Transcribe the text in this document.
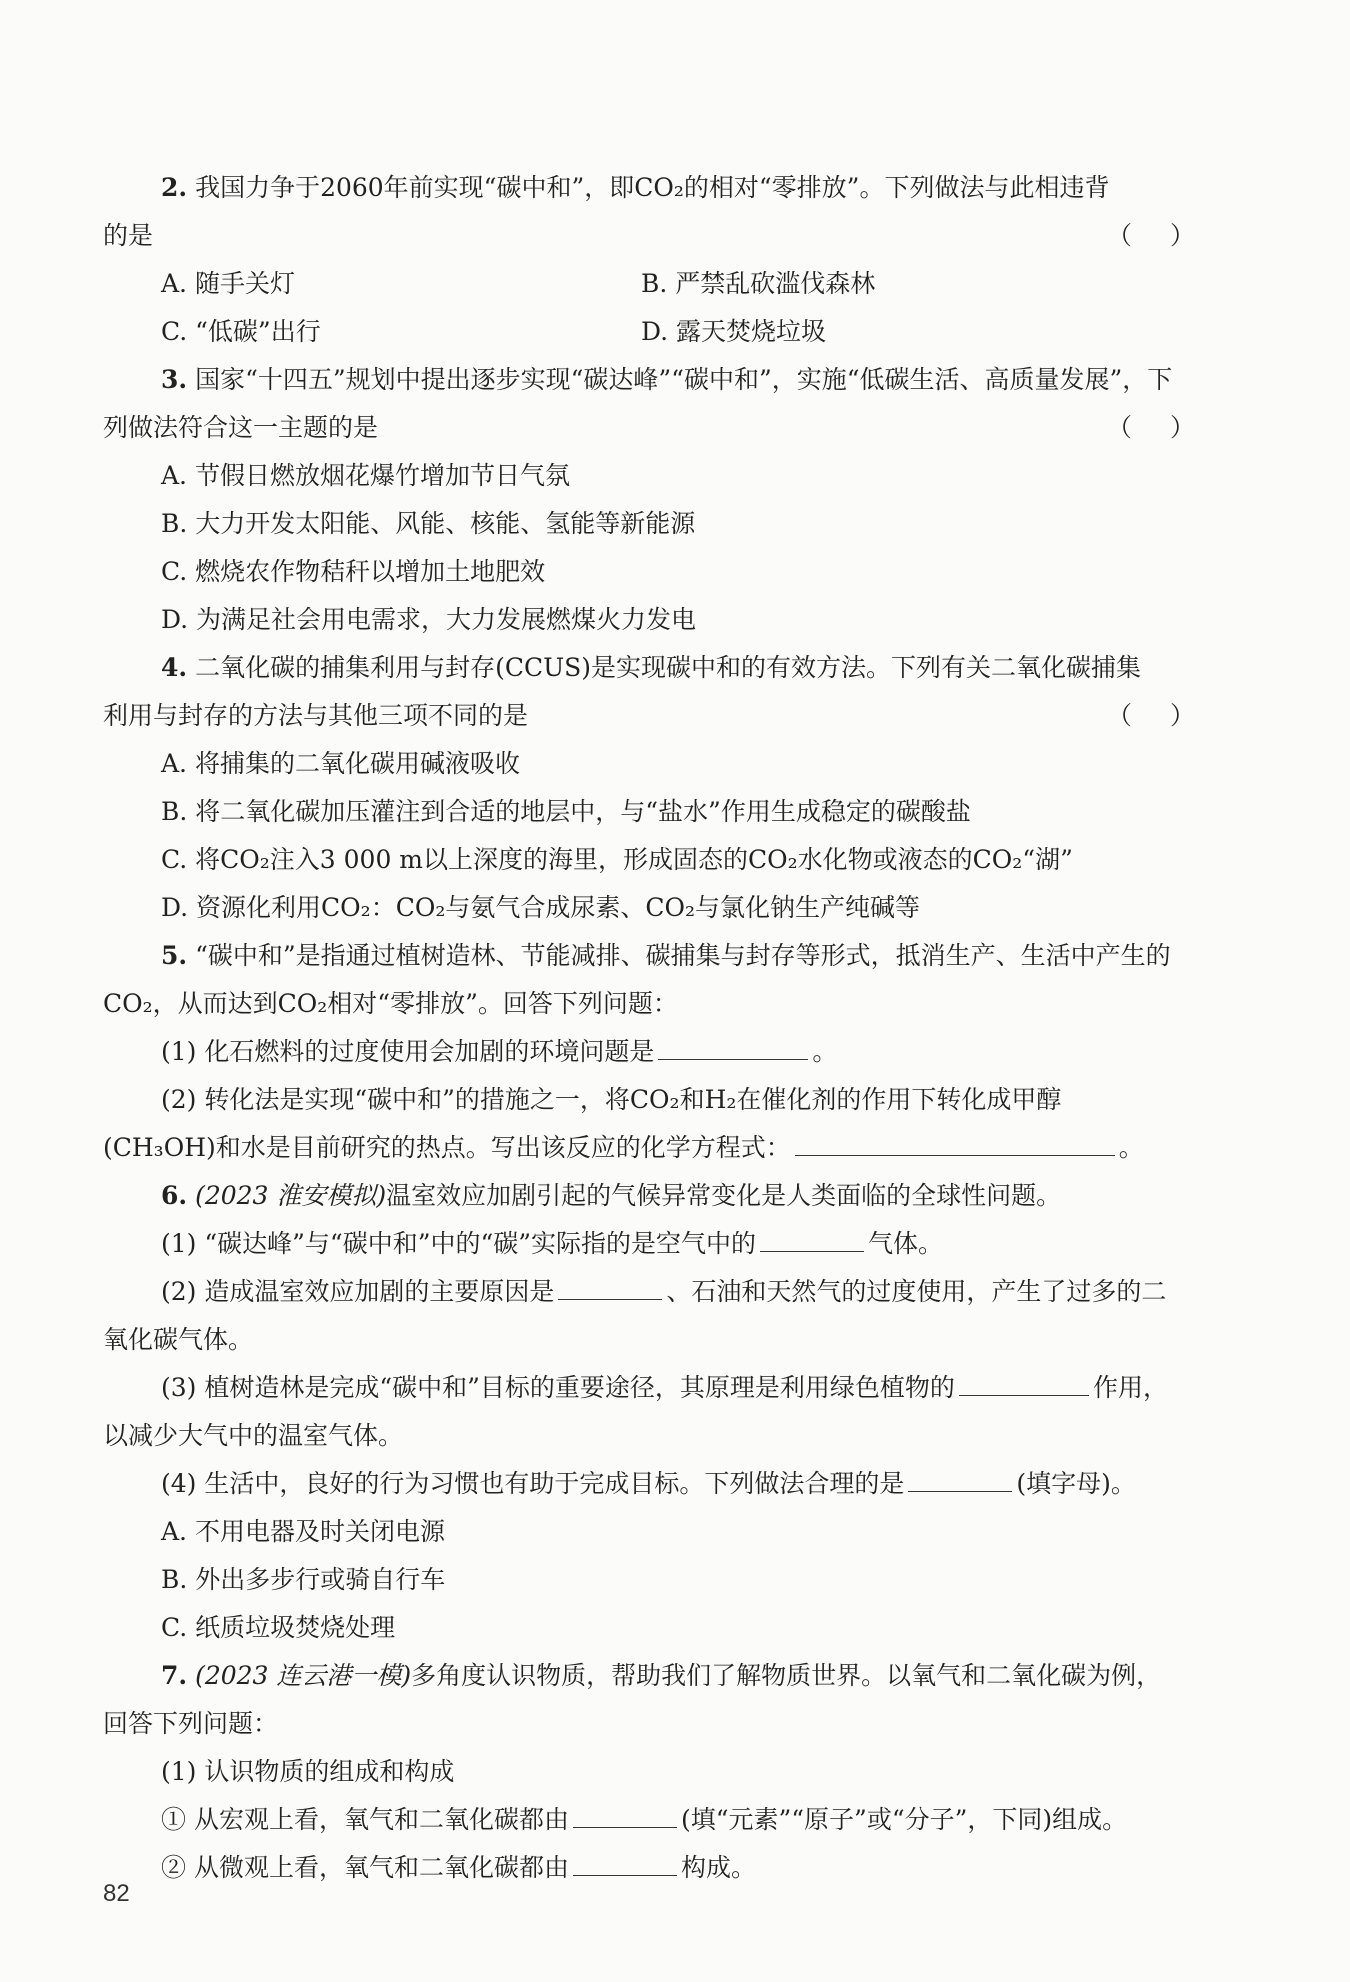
2. 我国力争于2060年前实现“碳中和”，即CO₂的相对“零排放”。下列做法与此相违背
的是	（）
A. 随手关灯	B. 严禁乱砍滥伐森林
C. “低碳”出行	D. 露天焚烧垃圾
3. 国家“十四五”规划中提出逐步实现“碳达峰”“碳中和”，实施“低碳生活、高质量发展”，下
列做法符合这一主题的是	（）
A. 节假日燃放烟花爆竹增加节日气氛
B. 大力开发太阳能、风能、核能、氢能等新能源
C. 燃烧农作物秸秆以增加土地肥效
D. 为满足社会用电需求，大力发展燃煤火力发电
4. 二氧化碳的捕集利用与封存(CCUS)是实现碳中和的有效方法。下列有关二氧化碳捕集
利用与封存的方法与其他三项不同的是	（）
A. 将捕集的二氧化碳用碱液吸收
B. 将二氧化碳加压灌注到合适的地层中，与“盐水”作用生成稳定的碳酸盐
C. 将CO₂注入3 000 m以上深度的海里，形成固态的CO₂水化物或液态的CO₂“湖”
D. 资源化利用CO₂：CO₂与氨气合成尿素、CO₂与氯化钠生产纯碱等
5. “碳中和”是指通过植树造林、节能减排、碳捕集与封存等形式，抵消生产、生活中产生的
CO₂，从而达到CO₂相对“零排放”。回答下列问题：
(1) 化石燃料的过度使用会加剧的环境问题是	。
(2) 转化法是实现“碳中和”的措施之一，将CO₂和H₂在催化剂的作用下转化成甲醇
(CH₃OH)和水是目前研究的热点。写出该反应的化学方程式：	。
6. (2023 淮安模拟)温室效应加剧引起的气候异常变化是人类面临的全球性问题。
(1) “碳达峰”与“碳中和”中的“碳”实际指的是空气中的	气体。
(2) 造成温室效应加剧的主要原因是	、石油和天然气的过度使用，产生了过多的二
氧化碳气体。
(3) 植树造林是完成“碳中和”目标的重要途径，其原理是利用绿色植物的	作用，
以减少大气中的温室气体。
(4) 生活中，良好的行为习惯也有助于完成目标。下列做法合理的是	(填字母)。
A. 不用电器及时关闭电源
B. 外出多步行或骑自行车
C. 纸质垃圾焚烧处理
7. (2023 连云港一模)多角度认识物质，帮助我们了解物质世界。以氧气和二氧化碳为例，
回答下列问题：
(1) 认识物质的组成和构成
① 从宏观上看，氧气和二氧化碳都由	(填“元素”“原子”或“分子”，下同)组成。
② 从微观上看，氧气和二氧化碳都由	构成。
82
